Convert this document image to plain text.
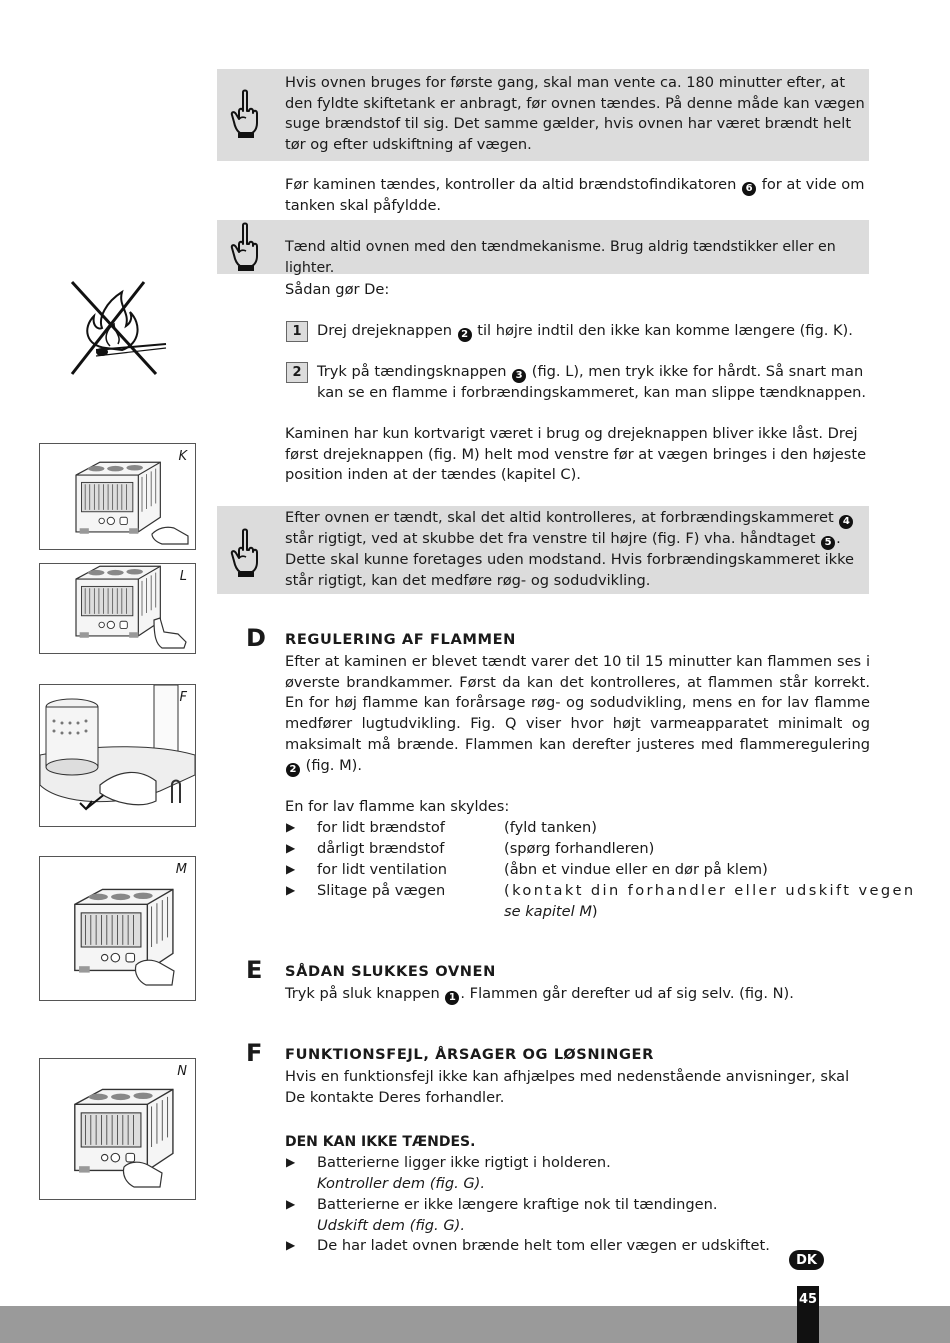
Hvis ovnen bruges for første gang, skal man vente ca. 180 minutter efter, at den fyldte skiftetank er anbragt, før ovnen tændes. På denne måde kan vægen suge brændstof til sig. Det samme gælder, hvis ovnen har været brændt helt tør og efter udskiftning af vægen.
Før kaminen tændes, kontroller da altid brændstofindikatoren 6 for at vide om tanken skal påfyldde.
Tænd altid ovnen med den tændmekanisme. Brug aldrig tændstikker eller en lighter.
Sådan gør De:
1	Drej drejeknappen 2 til højre indtil den ikke kan komme længere (fig. K).
2	Tryk på tændingsknappen 3 (fig. L), men tryk ikke for hårdt. Så snart man kan se en flamme i forbrændingskammeret, kan man slippe tændknappen.
Kaminen har kun kortvarigt været i brug og drejeknappen bliver ikke låst. Drej først drejeknappen (fig. M) helt mod venstre før at vægen bringes i den højeste position inden at der tændes (kapitel C).
Efter ovnen er tændt, skal det altid kontrolleres, at forbrændingskammeret 4 står rigtigt, ved at skubbe det fra venstre til højre (fig. F) vha. håndtaget 5 . Dette skal kunne foretages uden modstand. Hvis forbrændingskammeret ikke står rigtigt, kan det medføre røg- og sodudvikling.
D REGULERING AF FLAMMEN
Efter at kaminen er blevet tændt varer det 10 til 15 minutter kan flammen ses i øverste brandkammer. Først da kan det kontrolleres, at flammen står korrekt. En for høj flamme kan forårsage røg- og sodudvikling, mens en for lav flamme medfører lugtudvikling. Fig. Q viser hvor højt varmeapparatet minimalt og maksimalt må brænde. Flammen kan derefter justeres med flammeregulering 2 (fig. M).
En for lav flamme kan skyldes:
▶ for lidt brændstof	(fyld tanken)
▶ dårligt brændstof	(spørg forhandleren)
▶ for lidt ventilation	(åbn et vindue eller en dør på klem)
▶ Slitage på vægen	(kontakt din forhandler eller udskift vegen
se kapitel M)
E SÅDAN SLUKKES OVNEN
Tryk på sluk knappen 1 . Flammen går derefter ud af sig selv. (fig. N).
F FUNKTIONSFEJL, ÅRSAGER OG LØSNINGER
Hvis en funktionsfejl ikke kan afhjælpes med nedenstående anvisninger, skal De kontakte Deres forhandler.
DEN KAN IKKE TÆNDES.
▶ Batterierne ligger ikke rigtigt i holderen.
Kontroller dem (fig. G).
▶ Batterierne er ikke længere kraftige nok til tændingen.
Udskift dem (fig. G).
▶ De har ladet ovnen brænde helt tom eller vægen er udskiftet.
K
L
F
M
N
DK
45
